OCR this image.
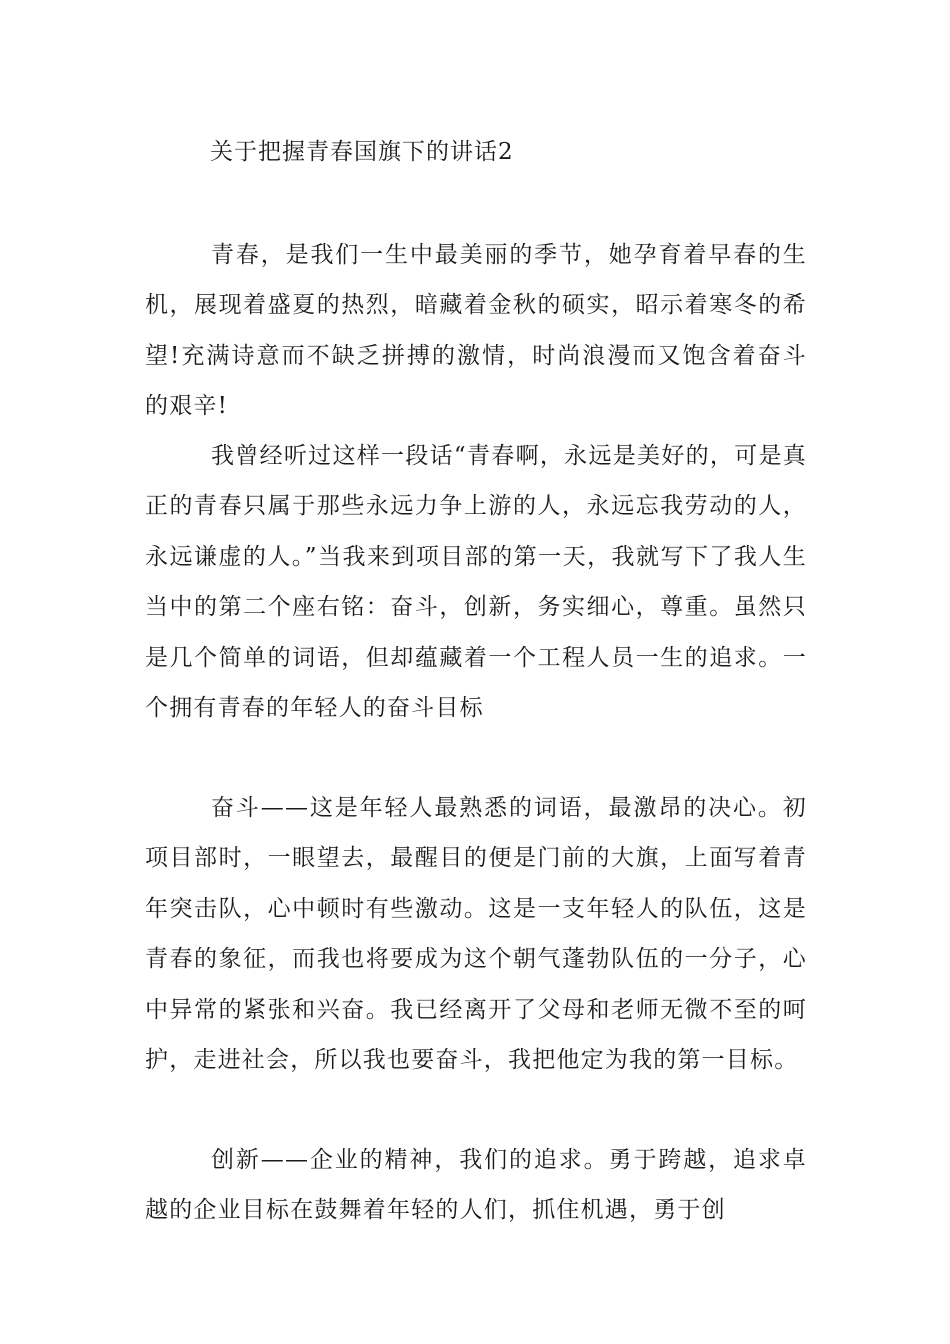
关于把握青春国旗下的讲话2

青春，是我们一生中最美丽的季节，她孕育着早春的生机，展现着盛夏的热烈，暗藏着金秋的硕实，昭示着寒冬的希望!充满诗意而不缺乏拼搏的激情，时尚浪漫而又饱含着奋斗的艰辛!

我曾经听过这样一段话“青春啊，永远是美好的，可是真正的青春只属于那些永远力争上游的人，永远忘我劳动的人，永远谦虚的人。”当我来到项目部的第一天，我就写下了我人生当中的第二个座右铭：奋斗，创新，务实细心，尊重。虽然只是几个简单的词语，但却蕴藏着一个工程人员一生的追求。一个拥有青春的年轻人的奋斗目标

奋斗——这是年轻人最熟悉的词语，最激昂的决心。初项目部时，一眼望去，最醒目的便是门前的大旗，上面写着青年突击队，心中顿时有些激动。这是一支年轻人的队伍，这是青春的象征，而我也将要成为这个朝气蓬勃队伍的一分子，心中异常的紧张和兴奋。我已经离开了父母和老师无微不至的呵护，走进社会，所以我也要奋斗，我把他定为我的第一目标。

创新——企业的精神，我们的追求。勇于跨越，追求卓越的企业目标在鼓舞着年轻的人们，抓住机遇，勇于创
